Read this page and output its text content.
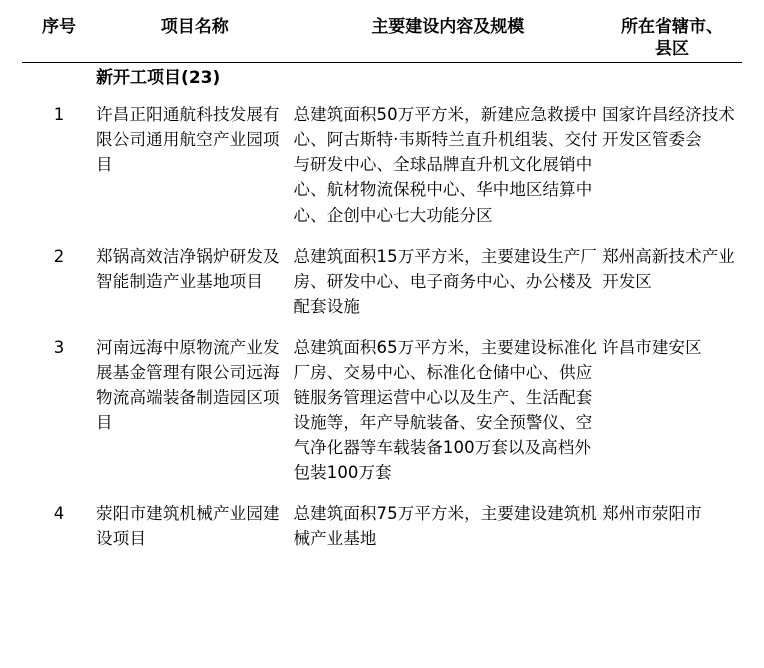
序号	项目名称	主要建设内容及规模	所在省辖市、
县区

	新开工项目(23)		
1	许昌正阳通航科技发展有限公司通用航空产业园项目	总建筑面积50万平方米，新建应急救援中心、阿古斯特·韦斯特兰直升机组装、交付与研发中心、全球品牌直升机文化展销中心、航材物流保税中心、华中地区结算中心、企创中心七大功能分区	国家许昌经济技术开发区管委会
2	郑锅高效洁净锅炉研发及智能制造产业基地项目	总建筑面积15万平方米，主要建设生产厂房、研发中心、电子商务中心、办公楼及配套设施	郑州高新技术产业开发区
3	河南远海中原物流产业发展基金管理有限公司远海物流高端装备制造园区项目	总建筑面积65万平方米，主要建设标准化厂房、交易中心、标准化仓储中心、供应链服务管理运营中心以及生产、生活配套设施等，年产导航装备、安全预警仪、空气净化器等车载装备100万套以及高档外包装100万套	许昌市建安区
4	荥阳市建筑机械产业园建设项目	总建筑面积75万平方米，主要建设建筑机械产业基地	郑州市荥阳市
